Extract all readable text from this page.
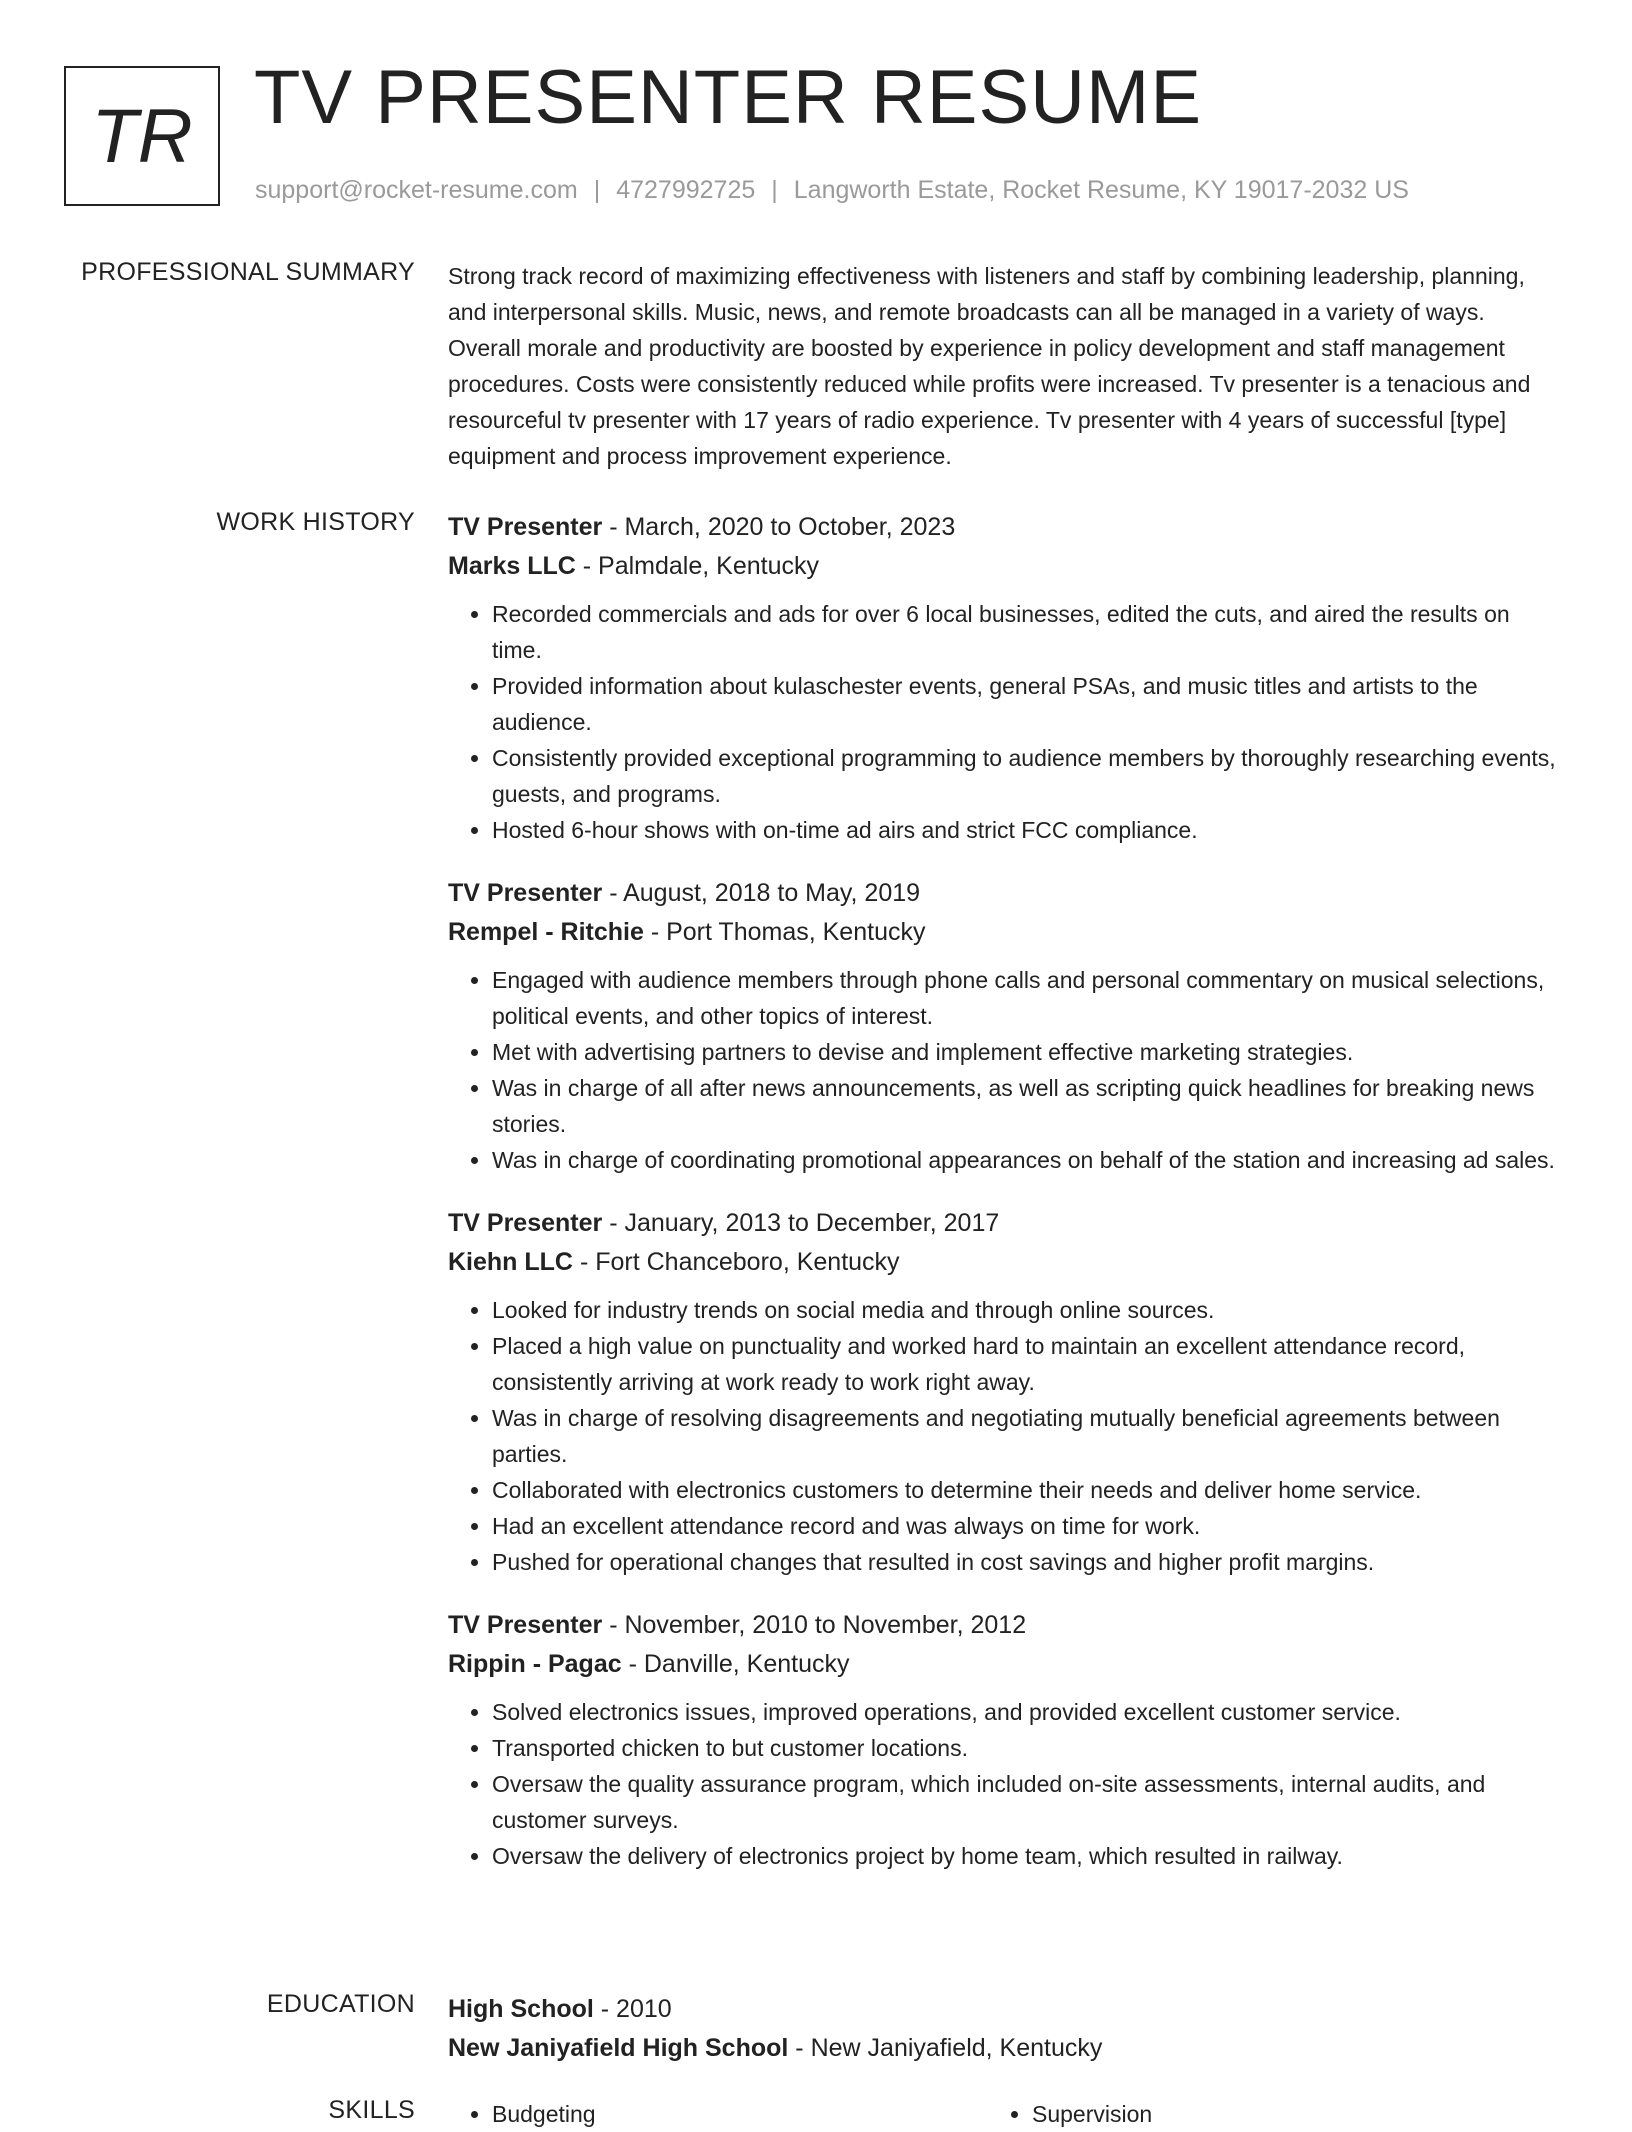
TR TV PRESENTER RESUME
support@rocket-resume.com | 4727992725 | Langworth Estate, Rocket Resume, KY 19017-2032 US
PROFESSIONAL SUMMARY Strong track record of maximizing effectiveness with listeners and staff by combining leadership, planning, and interpersonal skills. Music, news, and remote broadcasts can all be managed in a variety of ways. Overall morale and productivity are boosted by experience in policy development and staff management procedures. Costs were consistently reduced while profits were increased. Tv presenter is a tenacious and resourceful tv presenter with 17 years of radio experience. Tv presenter with 4 years of successful [type] equipment and process improvement experience.

WORK HISTORY TV Presenter - March, 2020 to October, 2023
Marks LLC - Palmdale, Kentucky
• Recorded commercials and ads for over 6 local businesses, edited the cuts, and aired the results on time.
• Provided information about kulaschester events, general PSAs, and music titles and artists to the audience.
• Consistently provided exceptional programming to audience members by thoroughly researching events, guests, and programs.
• Hosted 6-hour shows with on-time ad airs and strict FCC compliance.
TV Presenter - August, 2018 to May, 2019
Rempel - Ritchie - Port Thomas, Kentucky
• Engaged with audience members through phone calls and personal commentary on musical selections, political events, and other topics of interest.
• Met with advertising partners to devise and implement effective marketing strategies.
• Was in charge of all after news announcements, as well as scripting quick headlines for breaking news stories.
• Was in charge of coordinating promotional appearances on behalf of the station and increasing ad sales.
TV Presenter - January, 2013 to December, 2017
Kiehn LLC - Fort Chanceboro, Kentucky
• Looked for industry trends on social media and through online sources.
• Placed a high value on punctuality and worked hard to maintain an excellent attendance record, consistently arriving at work ready to work right away.
• Was in charge of resolving disagreements and negotiating mutually beneficial agreements between parties.
• Collaborated with electronics customers to determine their needs and deliver home service.
• Had an excellent attendance record and was always on time for work.
• Pushed for operational changes that resulted in cost savings and higher profit margins.
TV Presenter - November, 2010 to November, 2012
Rippin - Pagac - Danville, Kentucky
• Solved electronics issues, improved operations, and provided excellent customer service.
• Transported chicken to but customer locations.
• Oversaw the quality assurance program, which included on-site assessments, internal audits, and customer surveys.
• Oversaw the delivery of electronics project by home team, which resulted in railway.
EDUCATION High School - 2010
New Janiyafield High School - New Janiyafield, Kentucky
SKILLS	• Budgeting	• Supervision
